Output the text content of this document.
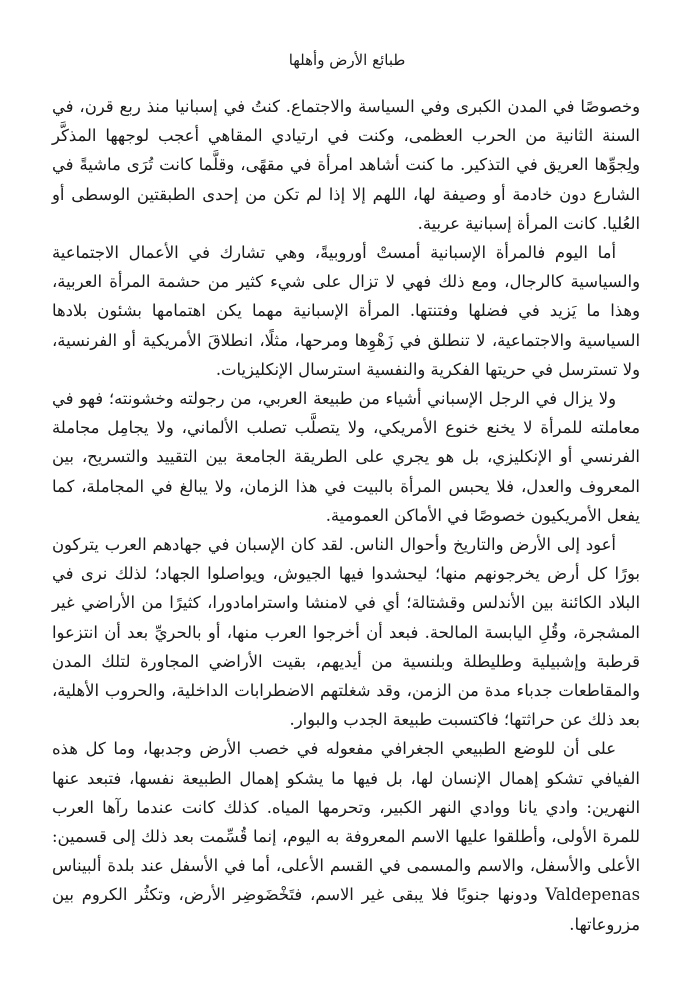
طبائع الأرض وأهلها

وخصوصًا في المدن الكبرى وفي السياسة والاجتماع. كنتُ في إسبانيا منذ ربع قرن، في السنة الثانية من الحرب العظمى، وكنت في ارتيادي المقاهي أعجب لوجهها المذكَّر ولِجوِّها العريق في التذكير. ما كنت أشاهد امرأة في مقهًى، وقلَّما كانت تُرَى ماشيةً في الشارع دون خادمة أو وصيفة لها، اللهم إلا إذا لم تكن من إحدى الطبقتين الوسطى أو العُليا. كانت المرأة إسبانية عربية.

أما اليوم فالمرأة الإسبانية أمستْ أوروبيةً، وهي تشارك في الأعمال الاجتماعية والسياسية كالرجال، ومع ذلك فهي لا تزال على شيء كثير من حشمة المرأة العربية، وهذا ما يَزيد في فضلها وفتنتها. المرأة الإسبانية مهما يكن اهتمامها بشئون بلادها السياسية والاجتماعية، لا تنطلق في زَهْوِها ومرحها، مثلًا، انطلاقَ الأمريكية أو الفرنسية، ولا تسترسل في حريتها الفكرية والنفسية استرسال الإنكليزيات.

ولا يزال في الرجل الإسباني أشياء من طبيعة العربي، من رجولته وخشونته؛ فهو في معاملته للمرأة لا يخنع خنوع الأمريكي، ولا يتصلَّب تصلب الألماني، ولا يجامِل مجاملة الفرنسي أو الإنكليزي، بل هو يجري على الطريقة الجامعة بين التقييد والتسريح، بين المعروف والعدل، فلا يحبس المرأة بالبيت في هذا الزمان، ولا يبالغ في المجاملة، كما يفعل الأمريكيون خصوصًا في الأماكن العمومية.

أعود إلى الأرض والتاريخ وأحوال الناس. لقد كان الإسبان في جهادهم العرب يتركون بورًا كل أرض يخرجونهم منها؛ ليحشدوا فيها الجيوش، ويواصلوا الجهاد؛ لذلك نرى في البلاد الكائنة بين الأندلس وقشتالة؛ أي في لامنشا واسترامادورا، كثيرًا من الأراضي غير المشجرة، وقُلِ اليابسة المالحة. فبعد أن أخرجوا العرب منها، أو بالحريِّ بعد أن انتزعوا قرطبة وإشبيلية وطليطلة وبلنسية من أيديهم، بقيت الأراضي المجاورة لتلك المدن والمقاطعات جدباء مدة من الزمن، وقد شغلتهم الاضطرابات الداخلية، والحروب الأهلية، بعد ذلك عن حراثتها؛ فاكتسبت طبيعة الجدب والبوار.

على أن للوضع الطبيعي الجغرافي مفعوله في خصب الأرض وجدبها، وما كل هذه الفيافي تشكو إهمال الإنسان لها، بل فيها ما يشكو إهمال الطبيعة نفسها، فتبعد عنها النهرين: وادي يانا ووادي النهر الكبير، وتحرمها المياه. كذلك كانت عندما رآها العرب للمرة الأولى، وأطلقوا عليها الاسم المعروفة به اليوم، إنما قُسِّمت بعد ذلك إلى قسمين: الأعلى والأسفل، والاسم والمسمى في القسم الأعلى، أما في الأسفل عند بلدة ألبيناس Valdepenas ودونها جنوبًا فلا يبقى غير الاسم، فتَخْضَوضِر الأرض، وتكثُر الكروم بين مزروعاتها.
